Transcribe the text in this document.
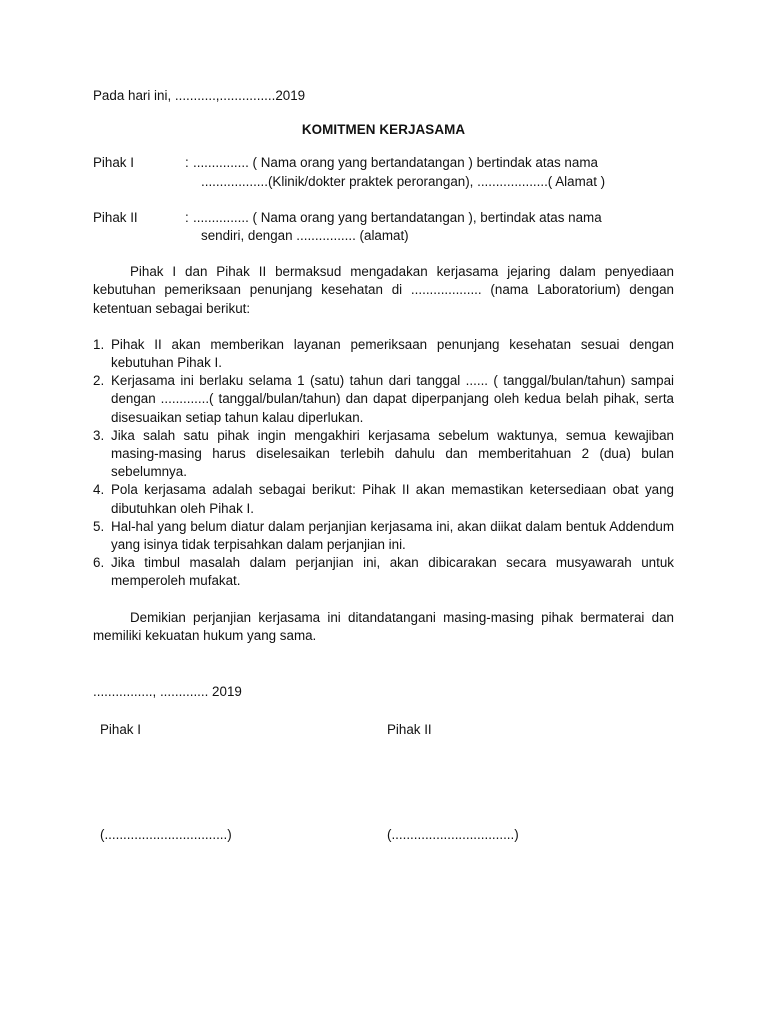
Pada hari ini, ...........,...............2019

KOMITMEN KERJASAMA

Pihak I	: ............... ( Nama orang yang bertandatangan ) bertindak atas nama
..................(Klinik/dokter praktek perorangan), ...................( Alamat )
Pihak II	: ............... ( Nama orang yang bertandatangan ), bertindak atas nama
sendiri, dengan ................ (alamat)

Pihak I dan Pihak II bermaksud mengadakan kerjasama jejaring dalam penyediaan kebutuhan pemeriksaan penunjang kesehatan di ................... (nama Laboratorium) dengan ketentuan sebagai berikut:

1. Pihak II akan memberikan layanan pemeriksaan penunjang kesehatan sesuai dengan kebutuhan Pihak I.
2. Kerjasama ini berlaku selama 1 (satu) tahun dari tanggal ...... ( tanggal/bulan/tahun) sampai dengan .............( tanggal/bulan/tahun) dan dapat diperpanjang oleh kedua belah pihak, serta disesuaikan setiap tahun kalau diperlukan.
3. Jika salah satu pihak ingin mengakhiri kerjasama sebelum waktunya, semua kewajiban masing-masing harus diselesaikan terlebih dahulu dan memberitahuan 2 (dua) bulan sebelumnya.
4. Pola kerjasama adalah sebagai berikut: Pihak II akan memastikan ketersediaan obat yang dibutuhkan oleh Pihak I.
5. Hal-hal yang belum diatur dalam perjanjian kerjasama ini, akan diikat dalam bentuk Addendum yang isinya tidak terpisahkan dalam perjanjian ini.
6. Jika timbul masalah dalam perjanjian ini, akan dibicarakan secara musyawarah untuk memperoleh mufakat.

Demikian perjanjian kerjasama ini ditandatangani masing-masing pihak bermaterai dan memiliki kekuatan hukum yang sama.

................, ............. 2019

Pihak I
(.................................)
Pihak II
(.................................)
